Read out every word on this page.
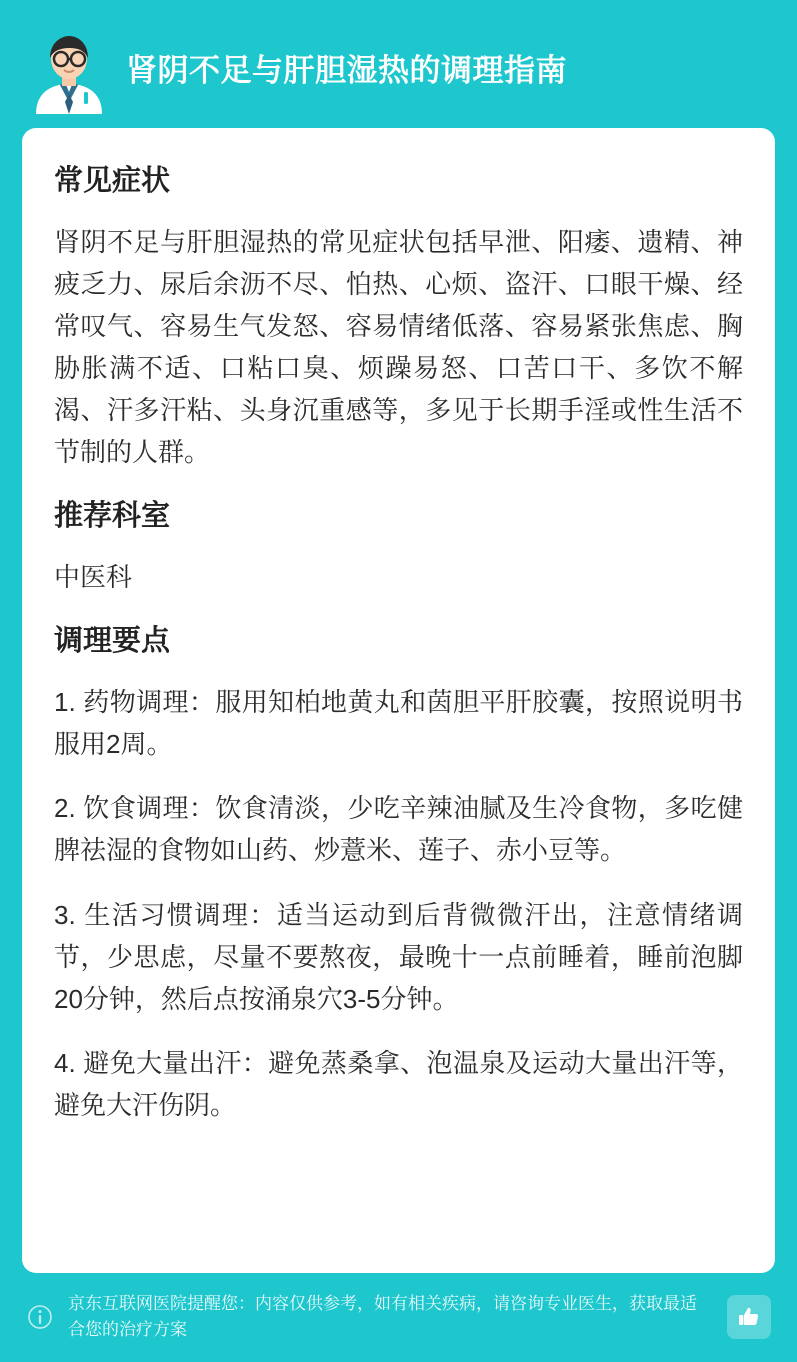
肾阴不足与肝胆湿热的调理指南
常见症状

肾阴不足与肝胆湿热的常见症状包括早泄、阳痿、遗精、神疲乏力、尿后余沥不尽、怕热、心烦、盗汗、口眼干燥、经常叹气、容易生气发怒、容易情绪低落、容易紧张焦虑、胸胁胀满不适、口粘口臭、烦躁易怒、口苦口干、多饮不解渴、汗多汗粘、头身沉重感等，多见于长期手淫或性生活不节制的人群。

推荐科室

中医科

调理要点

1. 药物调理：服用知柏地黄丸和茵胆平肝胶囊，按照说明书服用2周。

2. 饮食调理：饮食清淡，少吃辛辣油腻及生冷食物，多吃健脾祛湿的食物如山药、炒薏米、莲子、赤小豆等。

3. 生活习惯调理：适当运动到后背微微汗出，注意情绪调节，少思虑，尽量不要熬夜，最晚十一点前睡着，睡前泡脚20分钟，然后点按涌泉穴3-5分钟。

4. 避免大量出汗：避免蒸桑拿、泡温泉及运动大量出汗等，避免大汗伤阴。

京东互联网医院提醒您：内容仅供参考，如有相关疾病，请咨询专业医生，获取最适合您的治疗方案
